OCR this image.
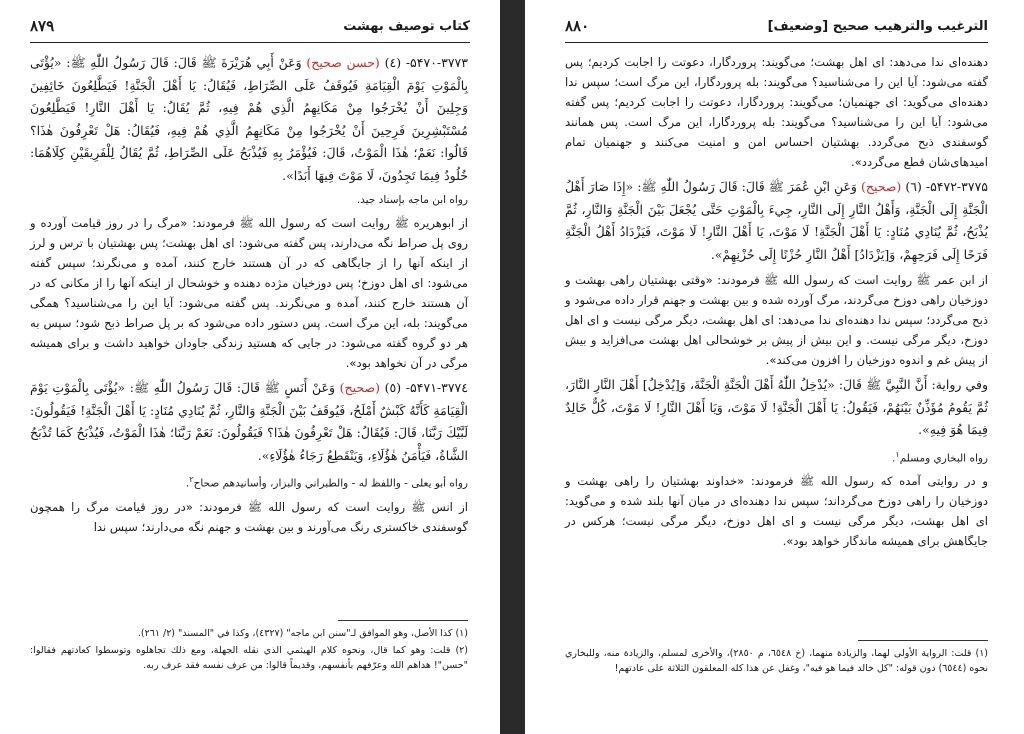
کتاب توصیف بهشت
۸۷۹

۵۴۷۰-۳۷۷۳- (٤) (حسن صحيح) وَعَنْ أَبِي هُرَيْرَةَ ﷺ قَالَ: قَالَ رَسُولُ اللّٰهِ ﷺ: «يُؤْتَى بِالْمَوْتِ يَوْمَ الْقِيَامَةِ فَيُوقَفُ عَلَى الصِّرَاطِ، فَيُقَالُ: يَا أَهْلَ الْجَنَّةِ! فَيَطَّلِعُونَ خَائِفِينَ وَجِلِينَ أَنْ يُخْرَجُوا مِنْ مَكَانِهِمُ الَّذِي هُمْ فِيهِ، ثُمَّ يُقَالُ: يَا أَهْلَ النَّارِ! فَيَطَّلِعُونَ مُسْتَبْشِرِينَ فَرِحِينَ أَنْ يُخْرَجُوا مِنْ مَكَانِهِمُ الَّذِي هُمْ فِيهِ، فَيُقَالُ: هَلْ تَعْرِفُونَ هٰذَا؟ قَالُوا: نَعَمْ؛ هٰذَا الْمَوْتُ، قَالَ: فَيُؤْمَرُ بِهِ فَيُذْبَحُ عَلَى الصِّرَاطِ، ثُمَّ يُقَالُ لِلْفَرِيقَيْنِ كِلَاهُمَا: خُلُودٌ فِيمَا تَجِدُونَ، لَا مَوْتَ فِيهَا أَبَدًا».

رواه ابن ماجه بإسناد جيد.

از ابوهریره ﷺ روایت است که رسول الله ﷺ فرمودند: «مرگ را در روز قیامت آورده و روی پل صراط نگه می‌دارند، پس گفته می‌شود: ای اهل بهشت؛ پس بهشتیان با ترس و لرز از اینکه آنها را از جایگاهی که در آن هستند خارج کنند، آمده و می‌نگرند؛ سپس گفته می‌شود: ای اهل دوزخ؛ پس دوزخیان مژده دهنده و خوشحال از اینکه آنها را از مکانی که در آن هستند خارج کنند، آمده و می‌نگرند. پس گفته می‌شود: آیا این را می‌شناسید؟ همگی می‌گویند: بله، این مرگ است. پس دستور داده می‌شود که بر پل صراط ذبح شود؛ سپس به هر دو گروه گفته می‌شود: در جایی که هستید زندگی جاودان خواهید داشت و برای همیشه مرگی در آن نخواهد بود».

۵۴۷۱-۳۷۷٤- (٥) (صحيح) وَعَنْ أَنَسٍ ﷺ قَالَ: قَالَ رَسُولُ اللّٰهِ ﷺ: «يُؤْتَى بِالْمَوْتِ يَوْمَ الْقِيَامَةِ كَأَنَّهُ كَبْشٌ أَمْلَحُ، فَيُوقَفُ بَيْنَ الْجَنَّةِ وَالنَّارِ، ثُمَّ يُنَادِي مُنَادٍ: يَا أَهْلَ الْجَنَّةِ! فَيَقُولُونَ: لَبَّيْكَ رَبَّنَا، قَالَ: فَيُقَالُ: هَلْ تَعْرِفُونَ هٰذَا؟ فَيَقُولُونَ: نَعَمْ رَبَّنَا؛ هٰذَا الْمَوْتُ، فَيُذْبَحُ كَمَا تُذْبَحُ الشَّاةُ، فَيَأْمَنُ هٰؤُلَاءِ، وَيَنْقَطِعُ رَجَاءُ هٰؤُلَاءِ».

رواه أبو يعلى - واللفظ له - والطبراني والبزار، وأسانيدهم صحاح$^٢$.

از انس ﷺ روایت است که رسول الله ﷺ فرمودند: «در روز قیامت مرگ را همچون گوسفندی خاکستری رنگ می‌آورند و بین بهشت و جهنم نگه می‌دارند؛ سپس ندا

(١) كذا الأصل، وهو الموافق لـ"سنن ابن ماجه" (٤٣٢٧)، وكذا في "المسند" (٢/ ٢٦١).

(٢) قلت: وهو كما قال، ونحوه كلام الهيثمي الذي نقله الجهلة، ومع ذلك تجاهلوه وتوسطوا كعادتهم فقالوا: "حسن"! هداهم الله وعرّفهم بأنفسهم، وقديماً قالوا: من عرف نفسه فقد عرف ربه.

الترغيب والترهيب صحيح [وضعيف]
۸۸۰

دهنده‌ای ندا می‌دهد: ای اهل بهشت؛ می‌گویند: پروردگارا، دعوتت را اجابت کردیم؛ پس گفته می‌شود: آیا این را می‌شناسید؟ می‌گویند: بله پروردگارا، این مرگ است؛ سپس ندا دهنده‌ای می‌گوید: ای جهنمیان؛ می‌گویند: پروردگارا، دعوتت را اجابت کردیم؛ پس گفته می‌شود: آیا این را می‌شناسید؟ می‌گویند: بله پروردگارا، این مرگ است. پس همانند گوسفندی ذبح می‌گردد. بهشتیان احساس امن و امنیت می‌کنند و جهنمیان تمام امیدهای‌شان قطع می‌گردد».

۵۴۷۲-۳۷۷۵- (٦) (صحيح) وَعَنِ ابْنِ عُمَرَ ﷺ قَالَ: قَالَ رَسُولُ اللّٰهِ ﷺ: «إِذَا صَارَ أَهْلُ الْجَنَّةِ إِلَى الْجَنَّةِ، وَأَهْلُ النَّارِ إِلَى النَّارِ، جِيءَ بِالْمَوْتِ حَتَّى يُجْعَلَ بَيْنَ الْجَنَّةِ وَالنَّارِ، ثُمَّ يُذْبَحُ، ثُمَّ يُنَادِي مُنَادٍ: يَا أَهْلَ الْجَنَّةِ! لَا مَوْتَ، يَا أَهْلَ النَّارِ! لَا مَوْتَ، فَيَزْدَادُ أَهْلُ الْجَنَّةِ فَرَحًا إِلَى فَرَحِهِمْ، وَ[يَزْدَادُ] أَهْلُ النَّارِ حُزْنًا إِلَى حُزْنِهِمْ».

از ابن عمر ﷺ روایت است که رسول الله ﷺ فرمودند: «وقتی بهشتیان راهی بهشت و دوزخیان راهی دوزخ می‌گردند، مرگ آورده شده و بین بهشت و جهنم قرار داده می‌شود و ذبح می‌گردد؛ سپس ندا دهنده‌ای ندا می‌دهد: ای اهل بهشت، دیگر مرگی نیست و ای اهل دوزخ، دیگر مرگی نیست. و این بیش از پیش بر خوشحالی اهل بهشت می‌افزاید و بیش از پیش غم و اندوه دوزخیان را افزون می‌کند».

وفي رواية: أَنَّ النَّبِيَّ ﷺ قَالَ: «يُدْخِلُ اللّٰهُ أَهْلَ الْجَنَّةِ الْجَنَّةَ، وَ[يُدْخِلُ] أَهْلَ النَّارِ النَّارَ، ثُمَّ يَقُومُ مُؤَذِّنٌ بَيْنَهُمْ، فَيَقُولُ: يَا أَهْلَ الْجَنَّةِ! لَا مَوْتَ، وَيَا أَهْلَ النَّارِ! لَا مَوْتَ، كُلٌّ خَالِدٌ فِيمَا هُوَ فِيهِ».

رواه البخاري ومسلم$^١$.

و در روایتی آمده که رسول الله ﷺ فرمودند: «خداوند بهشتیان را راهی بهشت و دوزخیان را راهی دوزخ می‌گرداند؛ سپس ندا دهنده‌ای در میان آنها بلند شده و می‌گوید: ای اهل بهشت، دیگر مرگی نیست و ای اهل دوزخ، دیگر مرگی نیست؛ هرکس در جایگاهش برای همیشه ماندگار خواهد بود».

(١) قلت: الرواية الأولى لهما، والزيادة منهما، (خ ٦٥٤٨، م ٢٨٥٠)، والأخرى لمسلم، والزيادة منه، وللبخاري نحوه (٦٥٤٤) دون قوله: "كل خالد فيما هو فيه"، وغفل عن هذا كله المعلقون الثلاثة على عادتهم!
